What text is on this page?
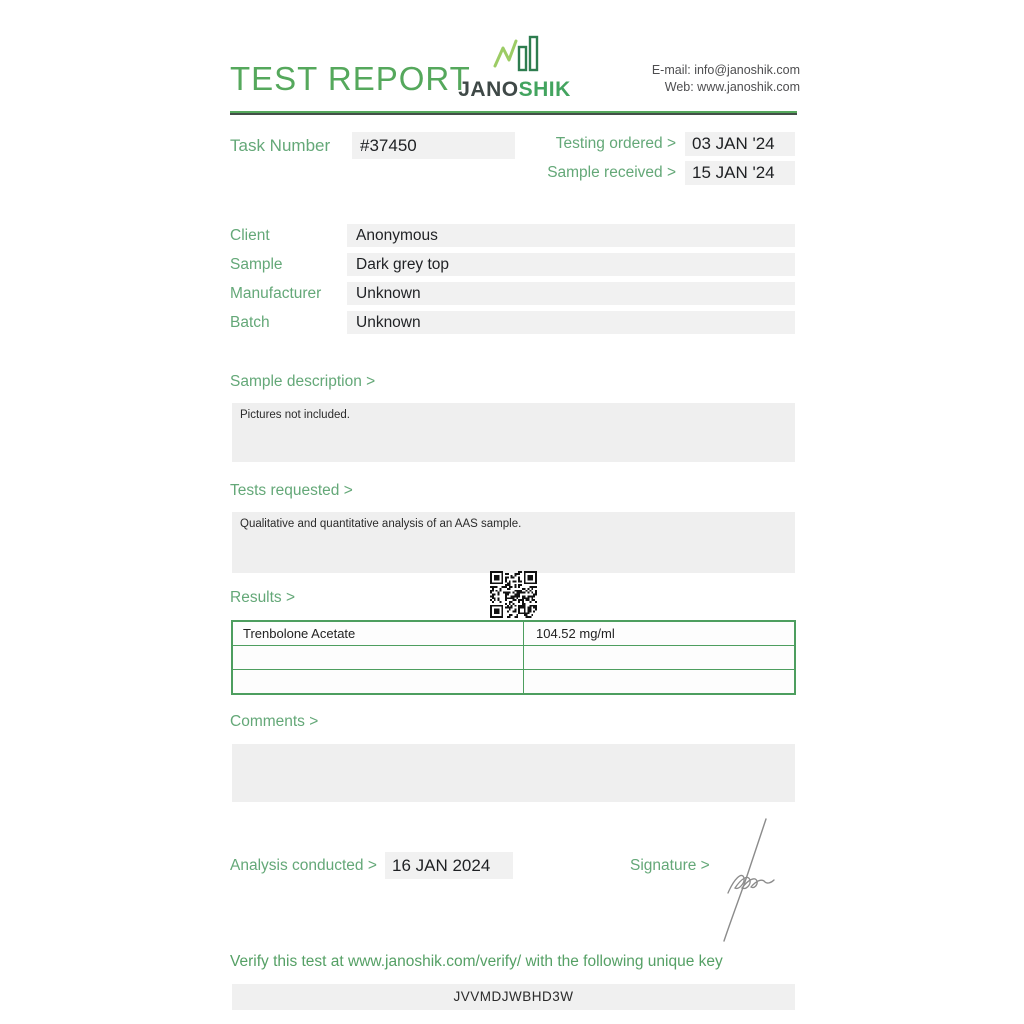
TEST REPORT
JANOSHIK
E-mail: info@janoshik.com
Web: www.janoshik.com
Task Number	#37450	Testing ordered > 03 JAN '24
Sample received > 15 JAN '24
Client	Anonymous
Sample	Dark grey top
Manufacturer	Unknown
Batch	Unknown
Sample description >
Pictures not included.
Tests requested >
Qualitative and quantitative analysis of an AAS sample.
Results >
Trenbolone Acetate	104.52 mg/ml

Comments >
Analysis conducted > 16 JAN 2024	Signature >
Verify this test at www.janoshik.com/verify/ with the following unique key
JVVMDJWBHD3W
